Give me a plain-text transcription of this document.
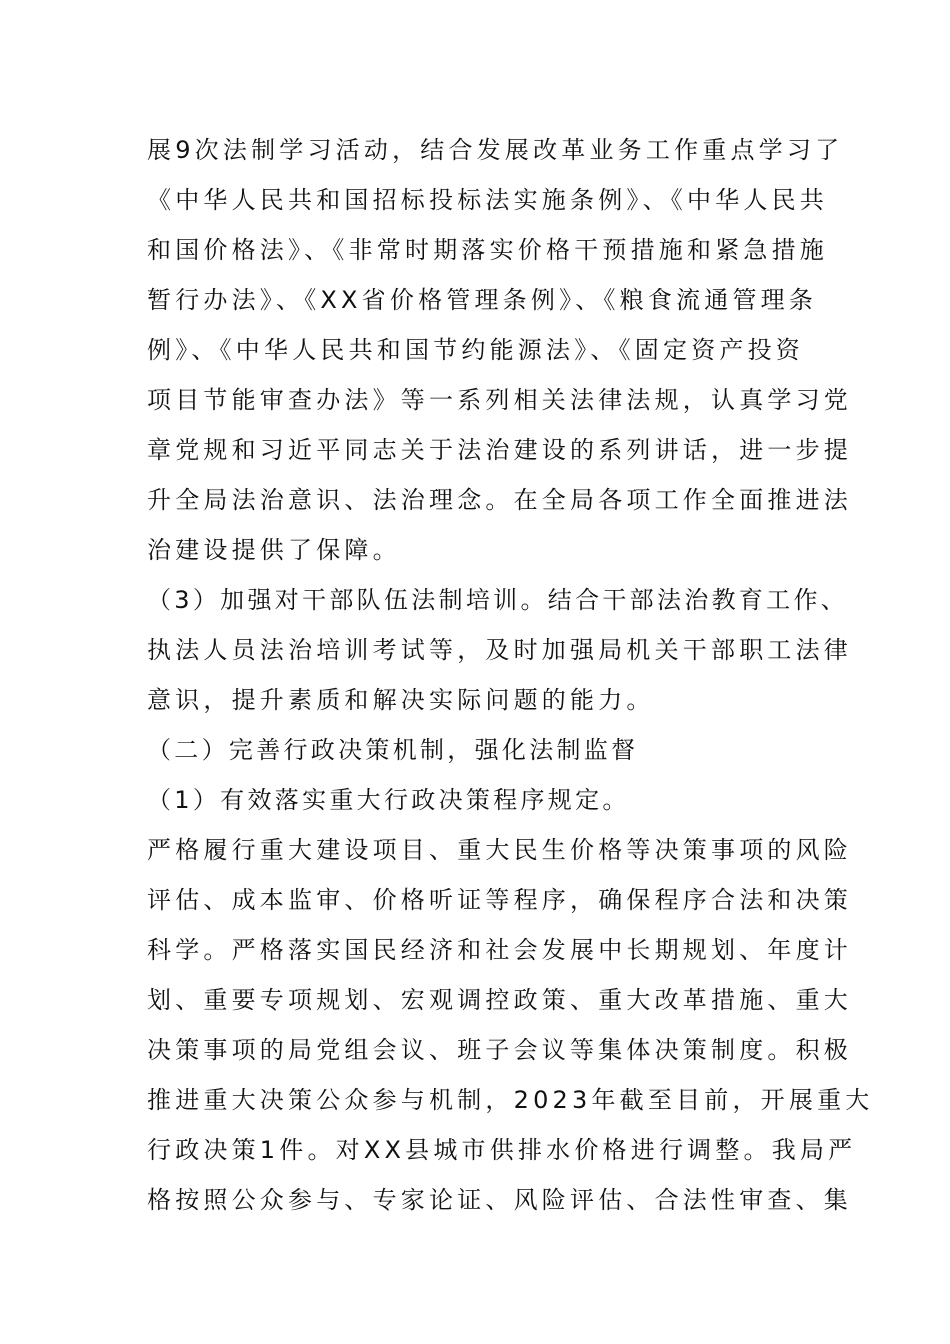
展9次法制学习活动，结合发展改革业务工作重点学习了
《中华人民共和国招标投标法实施条例》、《中华人民共
和国价格法》、《非常时期落实价格干预措施和紧急措施
暂行办法》、《XX省价格管理条例》、《粮食流通管理条
例》、《中华人民共和国节约能源法》、《固定资产投资
项目节能审查办法》等一系列相关法律法规，认真学习党
章党规和习近平同志关于法治建设的系列讲话，进一步提
升全局法治意识、法治理念。在全局各项工作全面推进法
治建设提供了保障。
（3）加强对干部队伍法制培训。结合干部法治教育工作、
执法人员法治培训考试等，及时加强局机关干部职工法律
意识，提升素质和解决实际问题的能力。
（二）完善行政决策机制，强化法制监督
（1）有效落实重大行政决策程序规定。
严格履行重大建设项目、重大民生价格等决策事项的风险
评估、成本监审、价格听证等程序，确保程序合法和决策
科学。严格落实国民经济和社会发展中长期规划、年度计
划、重要专项规划、宏观调控政策、重大改革措施、重大
决策事项的局党组会议、班子会议等集体决策制度。积极
推进重大决策公众参与机制，2023年截至目前，开展重大
行政决策1件。对XX县城市供排水价格进行调整。我局严
格按照公众参与、专家论证、风险评估、合法性审查、集
